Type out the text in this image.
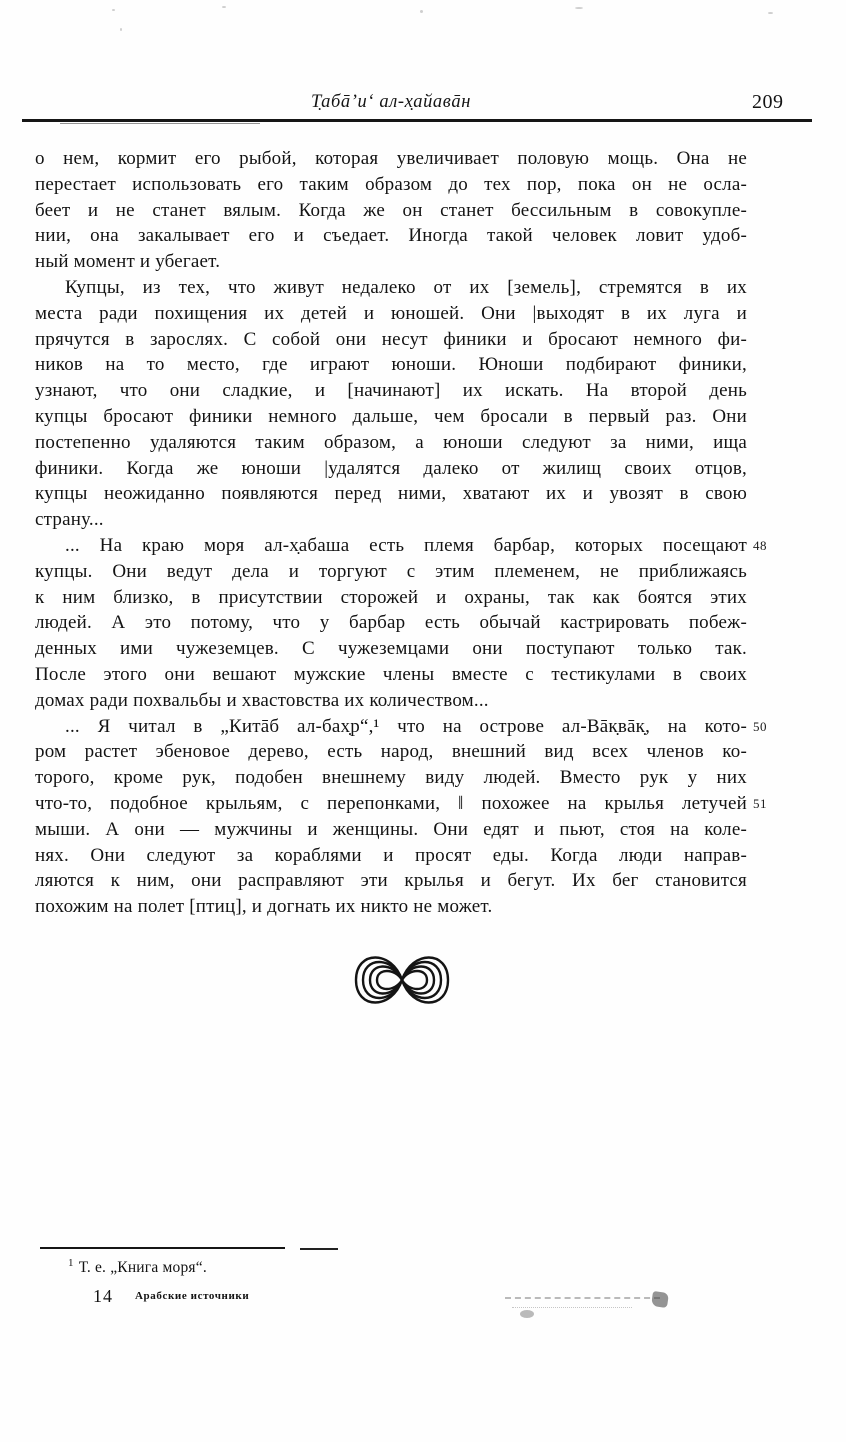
Т̣абā’и‘ ал-х̣айавāн	209
о нем, кормит его рыбой, которая увеличивает половую мощь. Она не
перестает использовать его таким образом до тех пор, пока он не осла-
беет и не станет вялым. Когда же он станет бессильным в совокупле-
нии, она закалывает его и съедает. Иногда такой человек ловит удоб-
ный момент и убегает.
Купцы, из тех, что живут недалеко от их [земель], стремятся в их
места ради похищения их детей и юношей. Они |выходят в их луга и
прячутся в зарослях. С собой они несут финики и бросают немного фи-
ников на то место, где играют юноши. Юноши подбирают финики,
узнают, что они сладкие, и [начинают] их искать. На второй день
купцы бросают финики немного дальше, чем бросали в первый раз. Они
постепенно удаляются таким образом, а юноши следуют за ними, ища
финики. Когда же юноши |удалятся далеко от жилищ своих отцов,
купцы неожиданно появляются перед ними, хватают их и увозят в свою
страну...
... На краю моря ал-х̣абаша есть племя барбар, которых посещают
купцы. Они ведут дела и торгуют с этим племенем, не приближаясь
к ним близко, в присутствии сторожей и охраны, так как боятся этих
людей. А это потому, что у барбар есть обычай кастрировать побеж-
денных ими чужеземцев. С чужеземцами они поступают только так.
После этого они вешают мужские члены вместе с тестикулами в своих
домах ради похвальбы и хвастовства их количеством...
... Я читал в „Китāб ал-бах̣р“,¹ что на острове ал-Вāк̣вāк̣, на кото-
ром растет эбеновое дерево, есть народ, внешний вид всех членов ко-
торого, кроме рук, подобен внешнему виду людей. Вместо рук у них
что-то, подобное крыльям, с перепонками, ‖ похожее на крылья летучей
мыши. А они — мужчины и женщины. Они едят и пьют, стоя на коле-
нях. Они следуют за кораблями и просят еды. Когда люди направ-
ляются к ним, они расправляют эти крылья и бегут. Их бег становится
похожим на полет [птиц], и догнать их никто не может.
48
50
51
$^1$ Т. е. „Книга моря“.
14 Арабские источники
